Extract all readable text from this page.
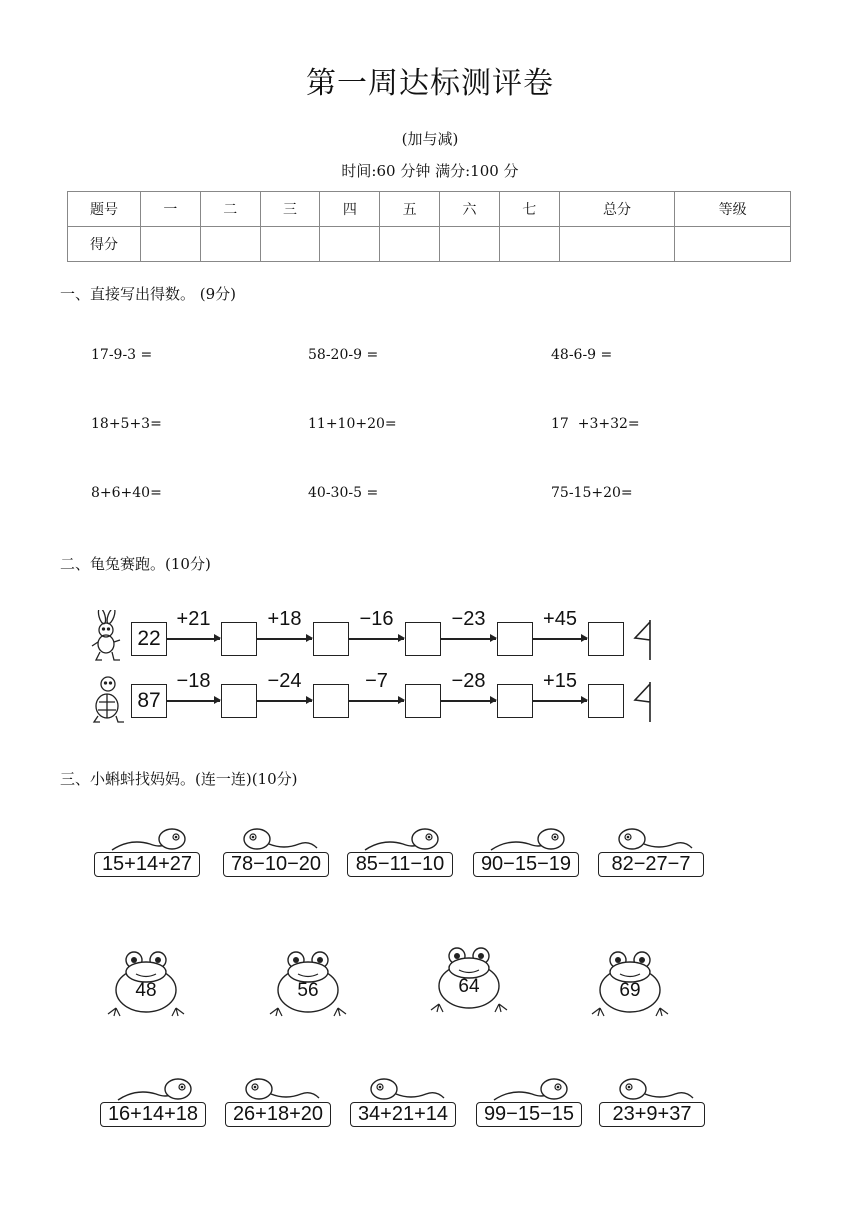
第一周达标测评卷
(加与减)
时间:60 分钟 满分:100 分
题号	一	二	三	四	五	六	七	总分	等级
得分									
一、直接写出得数。 (9分)
17-9-3 =	58-20-9 =	48-6-9 =
18+5+3=	11+10+20=	17  +3+32=
8+6+40=	40-30-5 =	75-15+20=
二、龟兔赛跑。(10分)
22
+21	+18	−16	−23	+45
87
−18	−24	−7	−28	+15
三、小蝌蚪找妈妈。(连一连)(10分)
15+14+27	78−10−20	85−11−10	90−15−19	82−27−7
48	56	64	69
16+14+18	26+18+20	34+21+14	99−15−15	23+9+37
